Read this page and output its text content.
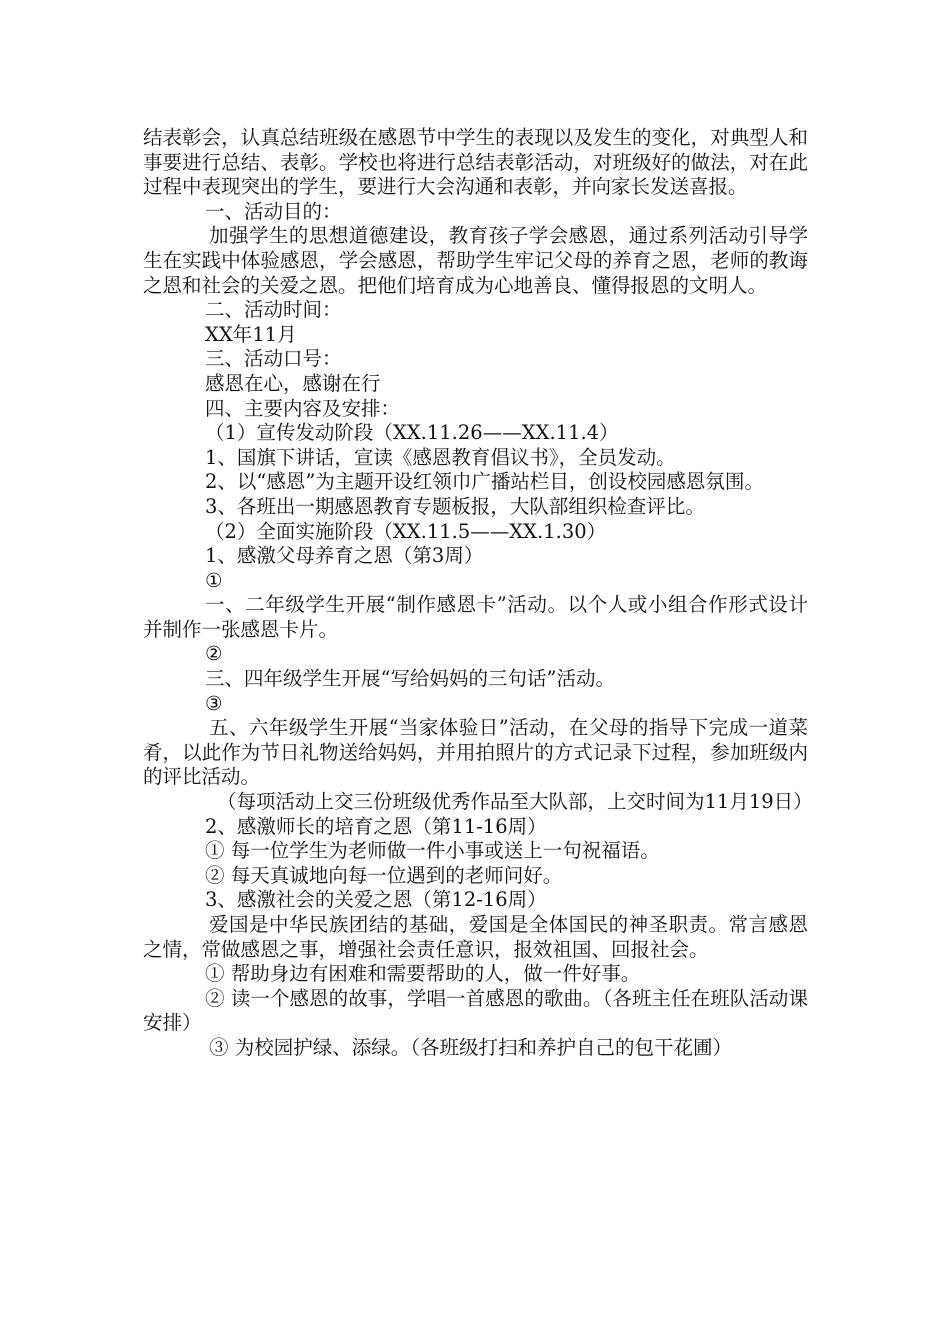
结表彰会，认真总结班级在感恩节中学生的表现以及发生的变化，对典型人和事要进行总结、表彰。学校也将进行总结表彰活动，对班级好的做法，对在此过程中表现突出的学生，要进行大会沟通和表彰，并向家长发送喜报。

一、活动目的：

加强学生的思想道德建设，教育孩子学会感恩，通过系列活动引导学生在实践中体验感恩，学会感恩，帮助学生牢记父母的养育之恩，老师的教诲之恩和社会的关爱之恩。把他们培育成为心地善良、懂得报恩的文明人。

二、活动时间：

XX年11月

三、活动口号：

感恩在心，感谢在行

四、主要内容及安排：

（1）宣传发动阶段（XX.11.26——XX.11.4）

1、国旗下讲话，宣读《感恩教育倡议书》，全员发动。

2、以“感恩”为主题开设红领巾广播站栏目，创设校园感恩氛围。

3、各班出一期感恩教育专题板报，大队部组织检查评比。

（2）全面实施阶段（XX.11.5——XX.1.30）

1、感激父母养育之恩（第3周）

①

一、二年级学生开展“制作感恩卡”活动。以个人或小组合作形式设计并制作一张感恩卡片。

②

三、四年级学生开展“写给妈妈的三句话”活动。

③

五、六年级学生开展“当家体验日”活动，在父母的指导下完成一道菜肴，以此作为节日礼物送给妈妈，并用拍照片的方式记录下过程，参加班级内的评比活动。

（每项活动上交三份班级优秀作品至大队部，上交时间为11月19日）

2、感激师长的培育之恩（第11-16周）

① 每一位学生为老师做一件小事或送上一句祝福语。

② 每天真诚地向每一位遇到的老师问好。

3、感激社会的关爱之恩（第12-16周）

爱国是中华民族团结的基础，爱国是全体国民的神圣职责。常言感恩之情，常做感恩之事，增强社会责任意识，报效祖国、回报社会。

① 帮助身边有困难和需要帮助的人，做一件好事。

② 读一个感恩的故事，学唱一首感恩的歌曲。（各班主任在班队活动课安排）

③ 为校园护绿、添绿。（各班级打扫和养护自己的包干花圃）
